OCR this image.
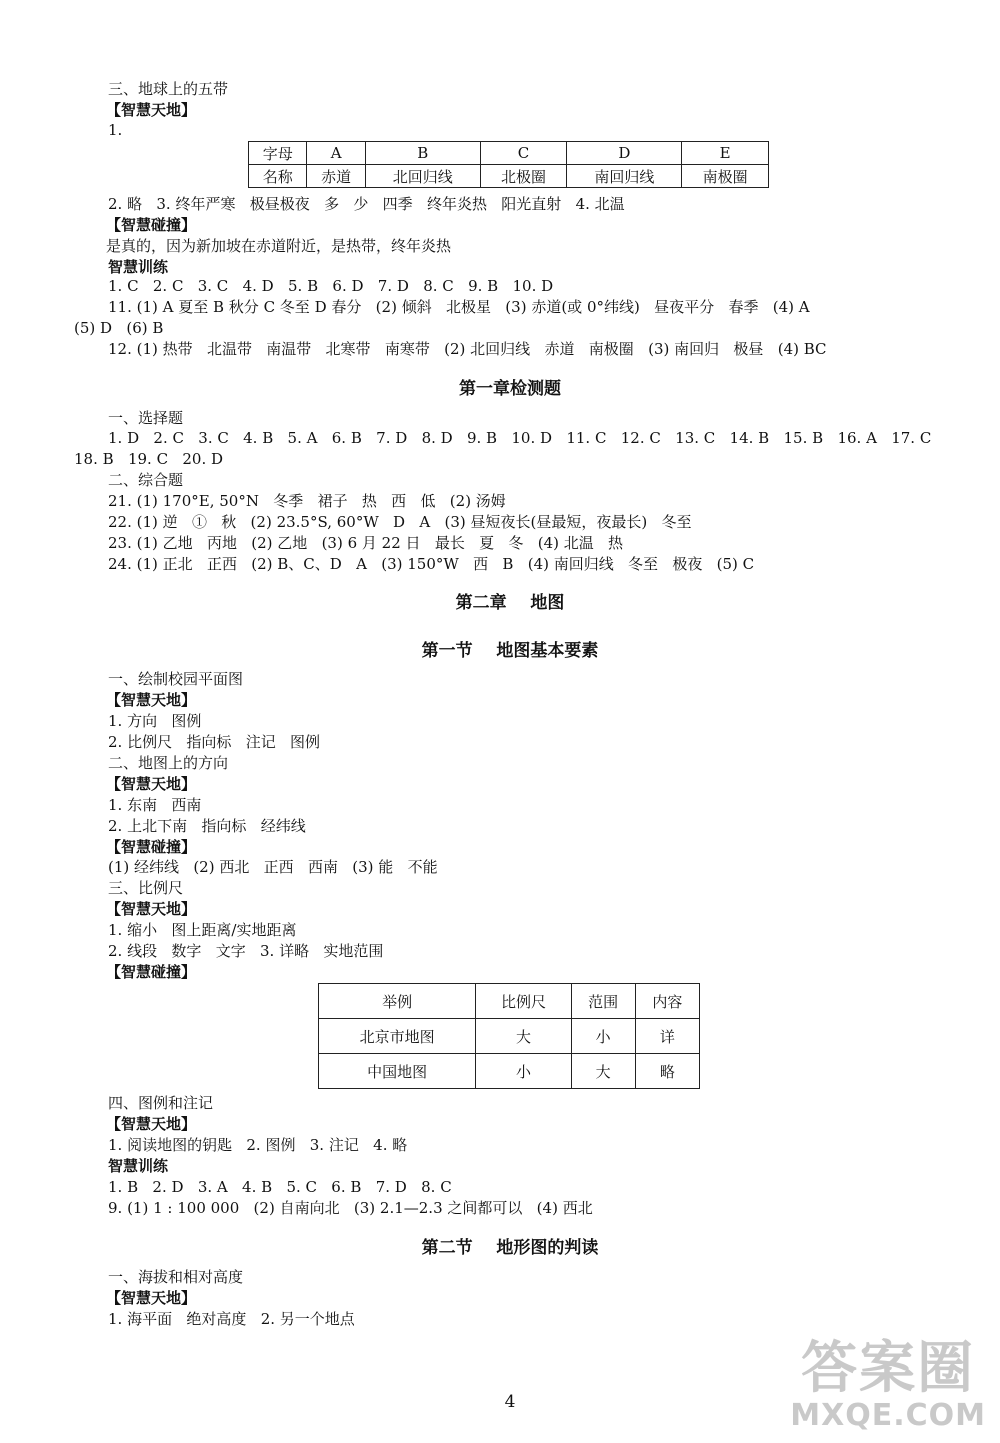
三、地球上的五带
【智慧天地】
1.
字母	A	B	C	D	E
名称	赤道	北回归线	北极圈	南回归线	南极圈
2. 略   3. 终年严寒   极昼极夜   多   少   四季   终年炎热   阳光直射   4. 北温
【智慧碰撞】
是真的，因为新加坡在赤道附近，是热带，终年炎热
智慧训练
1. C   2. C   3. C   4. D   5. B   6. D   7. D   8. C   9. B   10. D
11. (1) A 夏至 B 秋分 C 冬至 D 春分   (2) 倾斜   北极星   (3) 赤道(或 0°纬线)   昼夜平分   春季   (4) A
(5) D   (6) B
12. (1) 热带   北温带   南温带   北寒带   南寒带   (2) 北回归线   赤道   南极圈   (3) 南回归   极昼   (4) BC
第一章检测题
一、选择题
1. D   2. C   3. C   4. B   5. A   6. B   7. D   8. D   9. B   10. D   11. C   12. C   13. C   14. B   15. B   16. A   17. C
18. B   19. C   20. D
二、综合题
21. (1) 170°E, 50°N   冬季   裙子   热   西   低   (2) 汤姆
22. (1) 逆   ①   秋   (2) 23.5°S, 60°W   D   A   (3) 昼短夜长(昼最短，夜最长)   冬至
23. (1) 乙地   丙地   (2) 乙地   (3) 6 月 22 日   最长   夏   冬   (4) 北温   热
24. (1) 正北   正西   (2) B、C、D   A   (3) 150°W   西   B   (4) 南回归线   冬至   极夜   (5) C
第二章    地图
第一节    地图基本要素
一、绘制校园平面图
【智慧天地】
1. 方向   图例
2. 比例尺   指向标   注记   图例
二、地图上的方向
【智慧天地】
1. 东南   西南
2. 上北下南   指向标   经纬线
【智慧碰撞】
(1) 经纬线   (2) 西北   正西   西南   (3) 能   不能
三、比例尺
【智慧天地】
1. 缩小   图上距离/实地距离
2. 线段   数字   文字   3. 详略   实地范围
【智慧碰撞】
举例	比例尺	范围	内容
北京市地图	大	小	详
中国地图	小	大	略
四、图例和注记
【智慧天地】
1. 阅读地图的钥匙   2. 图例   3. 注记   4. 略
智慧训练
1. B   2. D   3. A   4. B   5. C   6. B   7. D   8. C
9. (1) 1 : 100 000   (2) 自南向北   (3) 2.1—2.3 之间都可以   (4) 西北
第二节    地形图的判读
一、海拔和相对高度
【智慧天地】
1. 海平面   绝对高度   2. 另一个地点
4
答案圈
MXQE.COM
